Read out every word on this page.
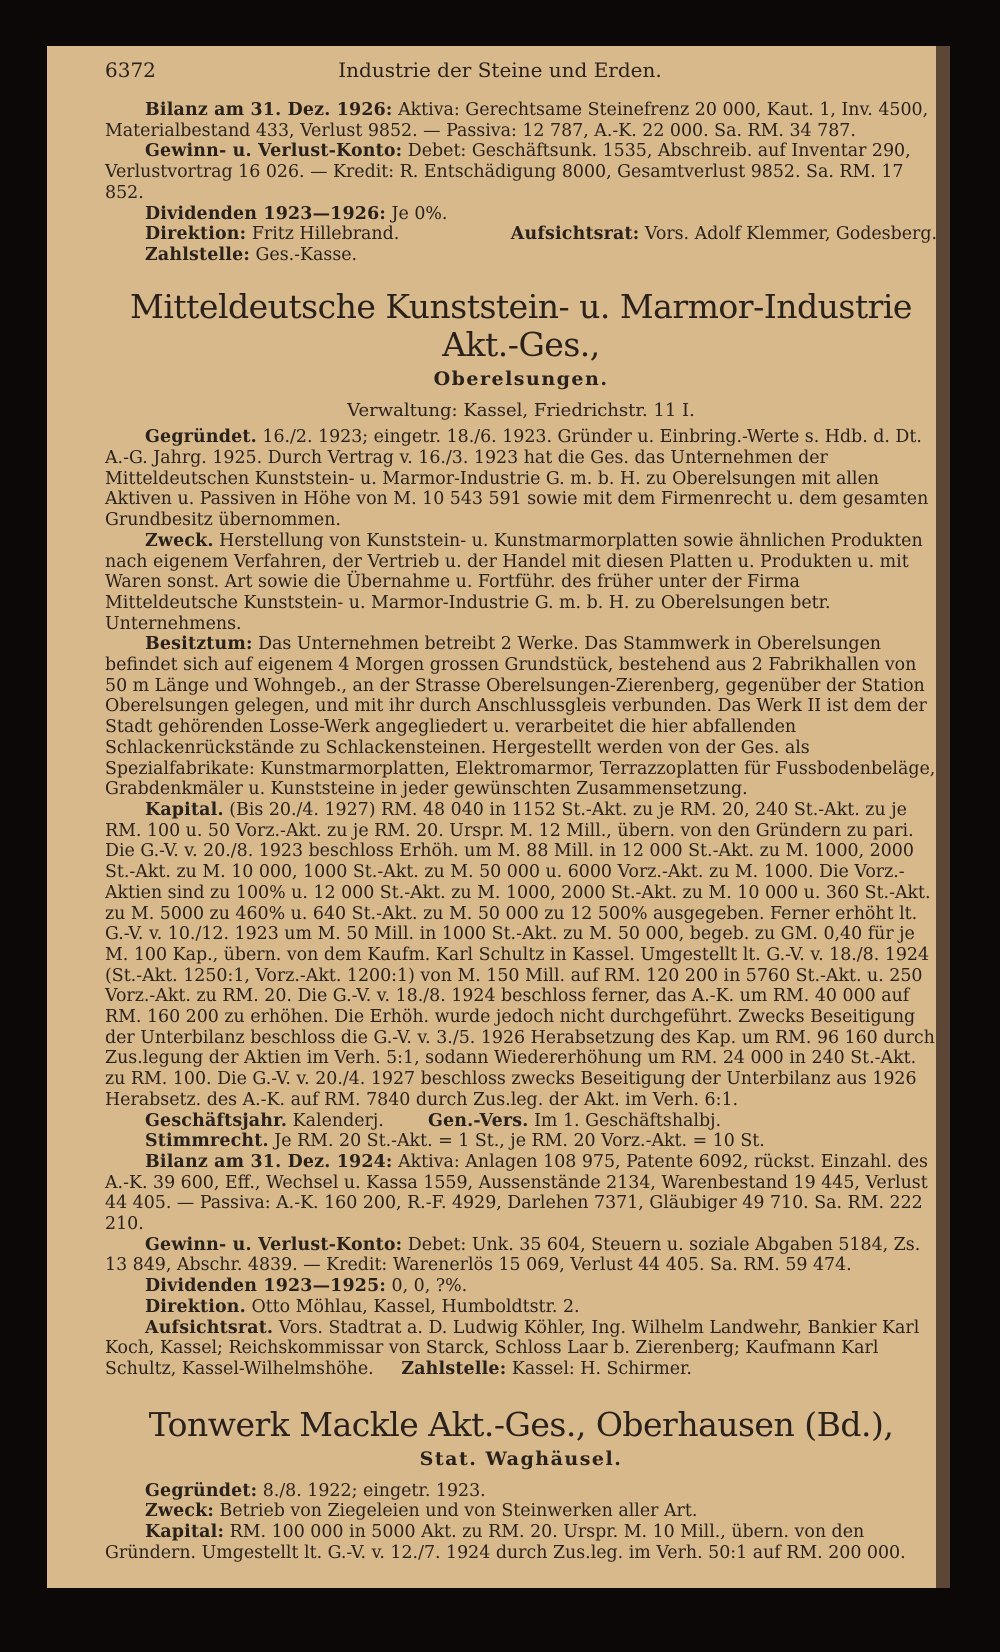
6372	Industrie der Steine und Erden.

Bilanz am 31. Dez. 1926: Aktiva: Gerechtsame Steinefrenz 20 000, Kaut. 1, Inv. 4500, Materialbestand 433, Verlust 9852. — Passiva: 12 787, A.-K. 22 000. Sa. RM. 34 787.

Gewinn- u. Verlust-Konto: Debet: Geschäftsunk. 1535, Abschreib. auf Inventar 290, Verlustvortrag 16 026. — Kredit: R. Entschädigung 8000, Gesamtverlust 9852. Sa. RM. 17 852.

Dividenden 1923—1926: Je 0%.

Direktion: Fritz Hillebrand.	Aufsichtsrat: Vors. Adolf Klemmer, Godesberg.

Zahlstelle: Ges.-Kasse.

Mitteldeutsche Kunststein- u. Marmor-Industrie Akt.-Ges.,
Oberelsungen.
Verwaltung: Kassel, Friedrichstr. 11 I.

Gegründet. 16./2. 1923; eingetr. 18./6. 1923. Gründer u. Einbring.-Werte s. Hdb. d. Dt. A.-G. Jahrg. 1925. Durch Vertrag v. 16./3. 1923 hat die Ges. das Unternehmen der Mitteldeutschen Kunststein- u. Marmor-Industrie G. m. b. H. zu Oberelsungen mit allen Aktiven u. Passiven in Höhe von M. 10 543 591 sowie mit dem Firmenrecht u. dem gesamten Grundbesitz übernommen.

Zweck. Herstellung von Kunststein- u. Kunstmarmorplatten sowie ähnlichen Produkten nach eigenem Verfahren, der Vertrieb u. der Handel mit diesen Platten u. Produkten u. mit Waren sonst. Art sowie die Übernahme u. Fortführ. des früher unter der Firma Mitteldeutsche Kunststein- u. Marmor-Industrie G. m. b. H. zu Oberelsungen betr. Unternehmens.

Besitztum: Das Unternehmen betreibt 2 Werke. Das Stammwerk in Oberelsungen befindet sich auf eigenem 4 Morgen grossen Grundstück, bestehend aus 2 Fabrikhallen von 50 m Länge und Wohngeb., an der Strasse Oberelsungen-Zierenberg, gegenüber der Station Oberelsungen gelegen, und mit ihr durch Anschlussgleis verbunden. Das Werk II ist dem der Stadt gehörenden Losse-Werk angegliedert u. verarbeitet die hier abfallenden Schlackenrückstände zu Schlackensteinen. Hergestellt werden von der Ges. als Spezialfabrikate: Kunstmarmorplatten, Elektromarmor, Terrazzoplatten für Fussbodenbeläge, Grabdenkmäler u. Kunststeine in jeder gewünschten Zusammensetzung.

Kapital. (Bis 20./4. 1927) RM. 48 040 in 1152 St.-Akt. zu je RM. 20, 240 St.-Akt. zu je RM. 100 u. 50 Vorz.-Akt. zu je RM. 20. Urspr. M. 12 Mill., übern. von den Gründern zu pari. Die G.-V. v. 20./8. 1923 beschloss Erhöh. um M. 88 Mill. in 12 000 St.-Akt. zu M. 1000, 2000 St.-Akt. zu M. 10 000, 1000 St.-Akt. zu M. 50 000 u. 6000 Vorz.-Akt. zu M. 1000. Die Vorz.-Aktien sind zu 100% u. 12 000 St.-Akt. zu M. 1000, 2000 St.-Akt. zu M. 10 000 u. 360 St.-Akt. zu M. 5000 zu 460% u. 640 St.-Akt. zu M. 50 000 zu 12 500% ausgegeben. Ferner erhöht lt. G.-V. v. 10./12. 1923 um M. 50 Mill. in 1000 St.-Akt. zu M. 50 000, begeb. zu GM. 0,40 für je M. 100 Kap., übern. von dem Kaufm. Karl Schultz in Kassel. Umgestellt lt. G.-V. v. 18./8. 1924 (St.-Akt. 1250:1, Vorz.-Akt. 1200:1) von M. 150 Mill. auf RM. 120 200 in 5760 St.-Akt. u. 250 Vorz.-Akt. zu RM. 20. Die G.-V. v. 18./8. 1924 beschloss ferner, das A.-K. um RM. 40 000 auf RM. 160 200 zu erhöhen. Die Erhöh. wurde jedoch nicht durchgeführt. Zwecks Beseitigung der Unterbilanz beschloss die G.-V. v. 3./5. 1926 Herabsetzung des Kap. um RM. 96 160 durch Zus.legung der Aktien im Verh. 5:1, sodann Wiedererhöhung um RM. 24 000 in 240 St.-Akt. zu RM. 100. Die G.-V. v. 20./4. 1927 beschloss zwecks Beseitigung der Unterbilanz aus 1926 Herabsetz. des A.-K. auf RM. 7840 durch Zus.leg. der Akt. im Verh. 6:1.

Geschäftsjahr. Kalenderj.	Gen.-Vers. Im 1. Geschäftshalbj.

Stimmrecht. Je RM. 20 St.-Akt. = 1 St., je RM. 20 Vorz.-Akt. = 10 St.

Bilanz am 31. Dez. 1924: Aktiva: Anlagen 108 975, Patente 6092, rückst. Einzahl. des A.-K. 39 600, Eff., Wechsel u. Kassa 1559, Aussenstände 2134, Warenbestand 19 445, Verlust 44 405. — Passiva: A.-K. 160 200, R.-F. 4929, Darlehen 7371, Gläubiger 49 710. Sa. RM. 222 210.

Gewinn- u. Verlust-Konto: Debet: Unk. 35 604, Steuern u. soziale Abgaben 5184, Zs. 13 849, Abschr. 4839. — Kredit: Warenerlös 15 069, Verlust 44 405. Sa. RM. 59 474.

Dividenden 1923—1925: 0, 0, ?%.

Direktion. Otto Möhlau, Kassel, Humboldtstr. 2.

Aufsichtsrat. Vors. Stadtrat a. D. Ludwig Köhler, Ing. Wilhelm Landwehr, Bankier Karl Koch, Kassel; Reichskommissar von Starck, Schloss Laar b. Zierenberg; Kaufmann Karl Schultz, Kassel-Wilhelmshöhe. Zahlstelle: Kassel: H. Schirmer.

Tonwerk Mackle Akt.-Ges., Oberhausen (Bd.),
Stat. Waghäusel.

Gegründet: 8./8. 1922; eingetr. 1923.

Zweck: Betrieb von Ziegeleien und von Steinwerken aller Art.

Kapital: RM. 100 000 in 5000 Akt. zu RM. 20. Urspr. M. 10 Mill., übern. von den Gründern. Umgestellt lt. G.-V. v. 12./7. 1924 durch Zus.leg. im Verh. 50:1 auf RM. 200 000.
